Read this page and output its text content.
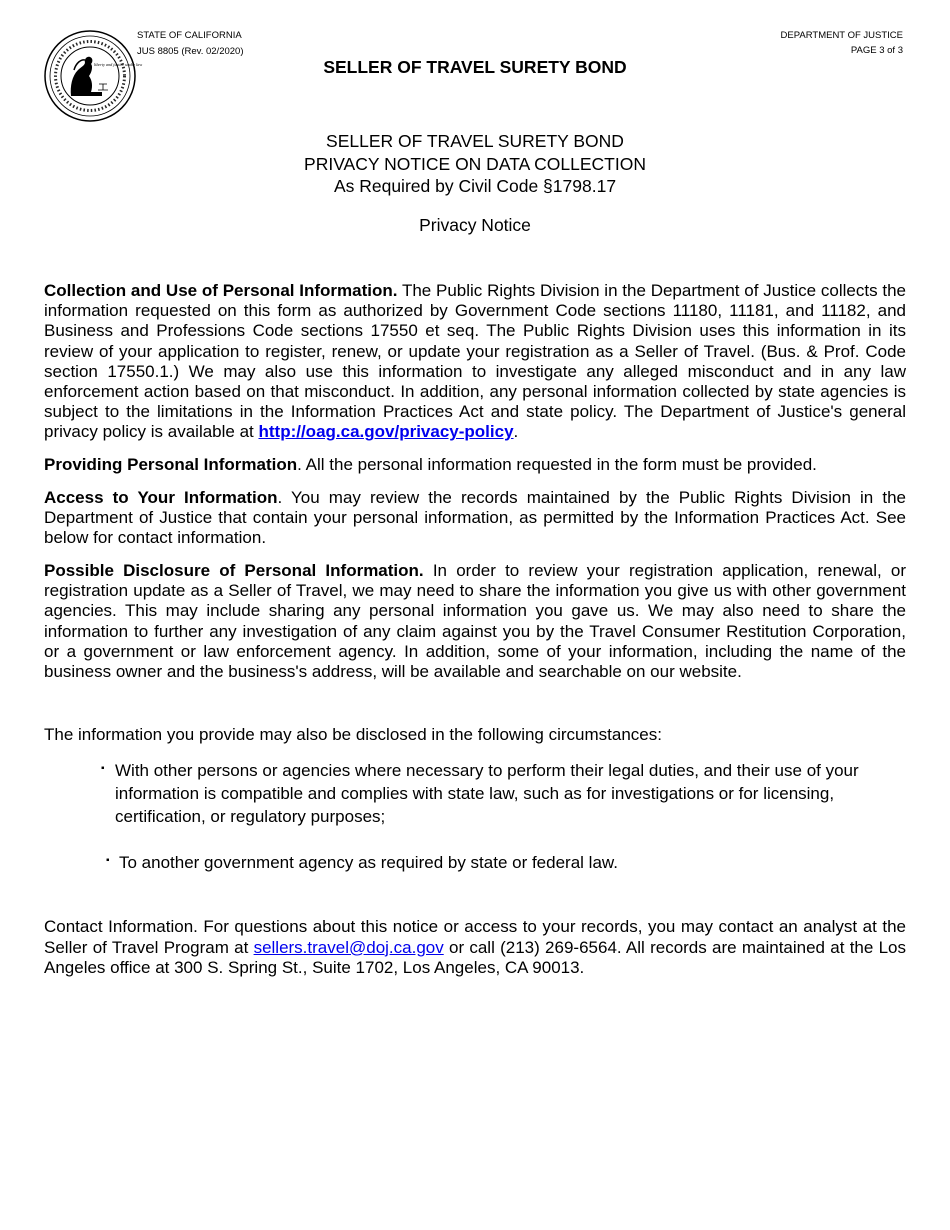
liberty and justice under law
STATE OF CALIFORNIA
JUS 8805 (Rev. 02/2020)
DEPARTMENT OF JUSTICE
PAGE 3 of 3
SELLER OF TRAVEL SURETY BOND
SELLER OF TRAVEL SURETY BOND
PRIVACY NOTICE ON DATA COLLECTION
As Required by Civil Code §1798.17
Privacy Notice

Collection and Use of Personal Information. The Public Rights Division in the Department of Justice collects the information requested on this form as authorized by Government Code sections 11180, 11181, and 11182, and Business and Professions Code sections 17550 et seq. The Public Rights Division uses this information in its review of your application to register, renew, or update your registration as a Seller of Travel. (Bus. & Prof. Code section 17550.1.) We may also use this information to investigate any alleged misconduct and in any law enforcement action based on that misconduct. In addition, any personal information collected by state agencies is subject to the limitations in the Information Practices Act and state policy. The Department of Justice's general privacy policy is available at http://oag.ca.gov/privacy-policy.

Providing Personal Information. All the personal information requested in the form must be provided.

Access to Your Information. You may review the records maintained by the Public Rights Division in the Department of Justice that contain your personal information, as permitted by the Information Practices Act. See below for contact information.

Possible Disclosure of Personal Information. In order to review your registration application, renewal, or registration update as a Seller of Travel, we may need to share the information you give us with other government agencies. This may include sharing any personal information you gave us. We may also need to share the information to further any investigation of any claim against you by the Travel Consumer Restitution Corporation, or a government or law enforcement agency. In addition, some of your information, including the name of the business owner and the business's address, will be available and searchable on our website.

The information you provide may also be disclosed in the following circumstances:

▪ With other persons or agencies where necessary to perform their legal duties, and their use of your information is compatible and complies with state law, such as for investigations or for licensing, certification, or regulatory purposes;
▪ To another government agency as required by state or federal law.

Contact Information. For questions about this notice or access to your records, you may contact an analyst at the Seller of Travel Program at sellers.travel@doj.ca.gov or call (213) 269-6564. All records are maintained at the Los Angeles office at 300 S. Spring St., Suite 1702, Los Angeles, CA 90013.
